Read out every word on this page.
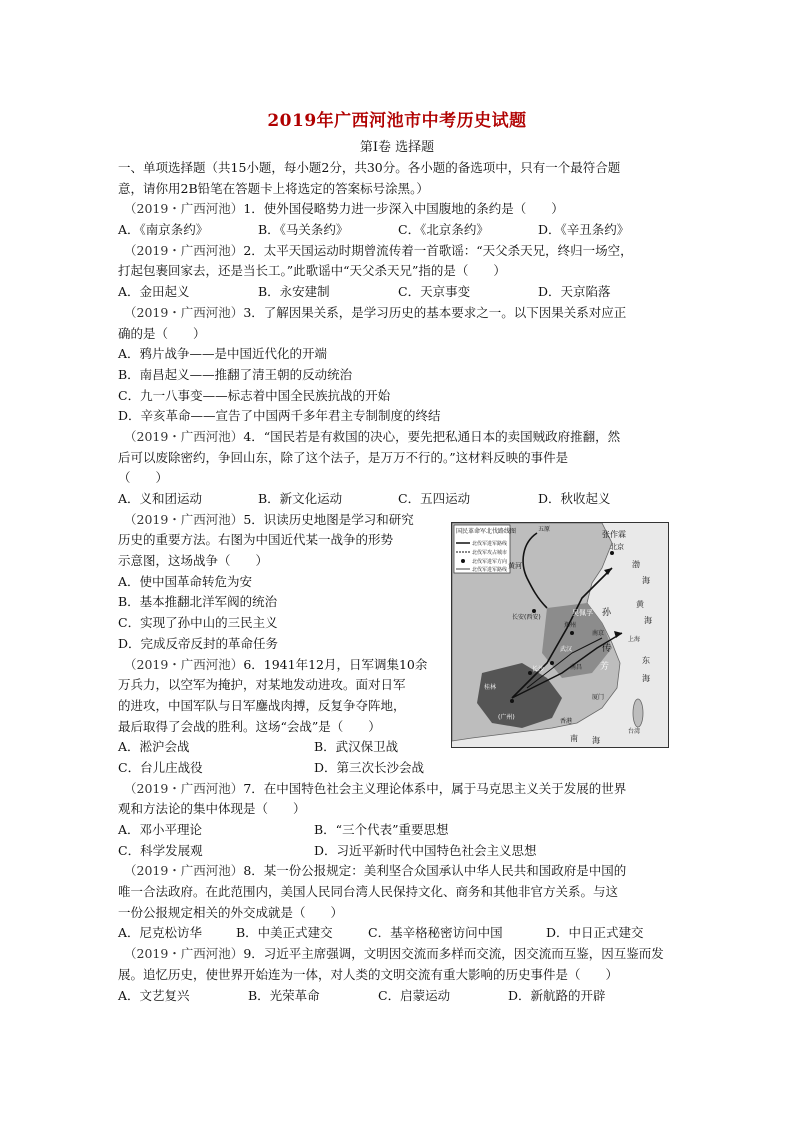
2019年广西河池市中考历史试题
第Ⅰ卷 选择题
一、单项选择题（共15小题，每小题2分，共30分。各小题的备选项中，只有一个最符合题
意，请你用2B铅笔在答题卡上将选定的答案标号涂黑。）
（2019・广西河池）1．使外国侵略势力进一步深入中国腹地的条约是（　　）
A．《南京条约》	B．《马关条约》	C．《北京条约》	D．《辛丑条约》
（2019・广西河池）2．太平天国运动时期曾流传着一首歌谣：“天父杀天兄，终归一场空，
打起包裹回家去，还是当长工。”此歌谣中“天父杀天兄”指的是（　　）
A．金田起义	B．永安建制	C．天京事变	D．天京陷落
（2019・广西河池）3．了解因果关系，是学习历史的基本要求之一。以下因果关系对应正
确的是（　　）
A．鸦片战争——是中国近代化的开端
B．南昌起义——推翻了清王朝的反动统治
C．九一八事变——标志着中国全民族抗战的开始
D．辛亥革命——宣告了中国两千多年君主专制制度的终结
（2019・广西河池）4．“国民若是有救国的决心，要先把私通日本的卖国贼政府推翻，然
后可以废除密约，争回山东，除了这个法子，是万万不行的。”这材料反映的事件是
（　　）
A．义和团运动	B．新文化运动	C．五四运动	D．秋收起义
（2019・广西河池）5．识读历史地图是学习和研究
历史的重要方法。右图为中国近代某一战争的形势
示意图，这场战争（　　）
A．使中国革命转危为安
B．基本推翻北洋军阀的统治
C．实现了孙中山的三民主义
D．完成反帝反封的革命任务
（2019・广西河池）6．1941年12月，日军调集10余
万兵力，以空军为掩护，对某地发动进攻。面对日军
的进攻，中国军队与日军鏖战肉搏，反复争夺阵地，
最后取得了会战的胜利。这场“会战”是（　　）
A．淞沪会战	B．武汉保卫战
C．台儿庄战役	D．第三次长沙会战
（2019・广西河池）7．在中国特色社会主义理论体系中，属于马克思主义关于发展的世界
观和方法论的集中体现是（　　）
A．邓小平理论	B．“三个代表”重要思想
C．科学发展观	D．习近平新时代中国特色社会主义思想
（2019・广西河池）8．某一份公报规定：美利坚合众国承认中华人民共和国政府是中国的
唯一合法政府。在此范围内，美国人民同台湾人民保持文化、商务和其他非官方关系。与这
一份公报规定相关的外交成就是（　　）
A．尼克松访华	B．中美正式建交	C．基辛格秘密访问中国	D．中日正式建交
（2019・广西河池）9．习近平主席强调，文明因交流而多样而交流，因交流而互鉴，因互鉴而发
展。追忆历史，使世界开始连为一体，对人类的文明交流有重大影响的历史事件是（　　）
A．文艺复兴	B．光荣革命	C．启蒙运动	D．新航路的开辟
国民革命军北伐路线图
北伐军进军路线
北伐军攻占城市
北伐军进军方向
北伐军进军路线
张作霖
北京
五原
黄河	渤
海
黄
海
长安(西安)
郑州
吴佩孚 孙
南京
上海
传
芳
武汉
长沙	南昌
东
海
台湾
(广州)
香港
南 海
厦门
桂林
